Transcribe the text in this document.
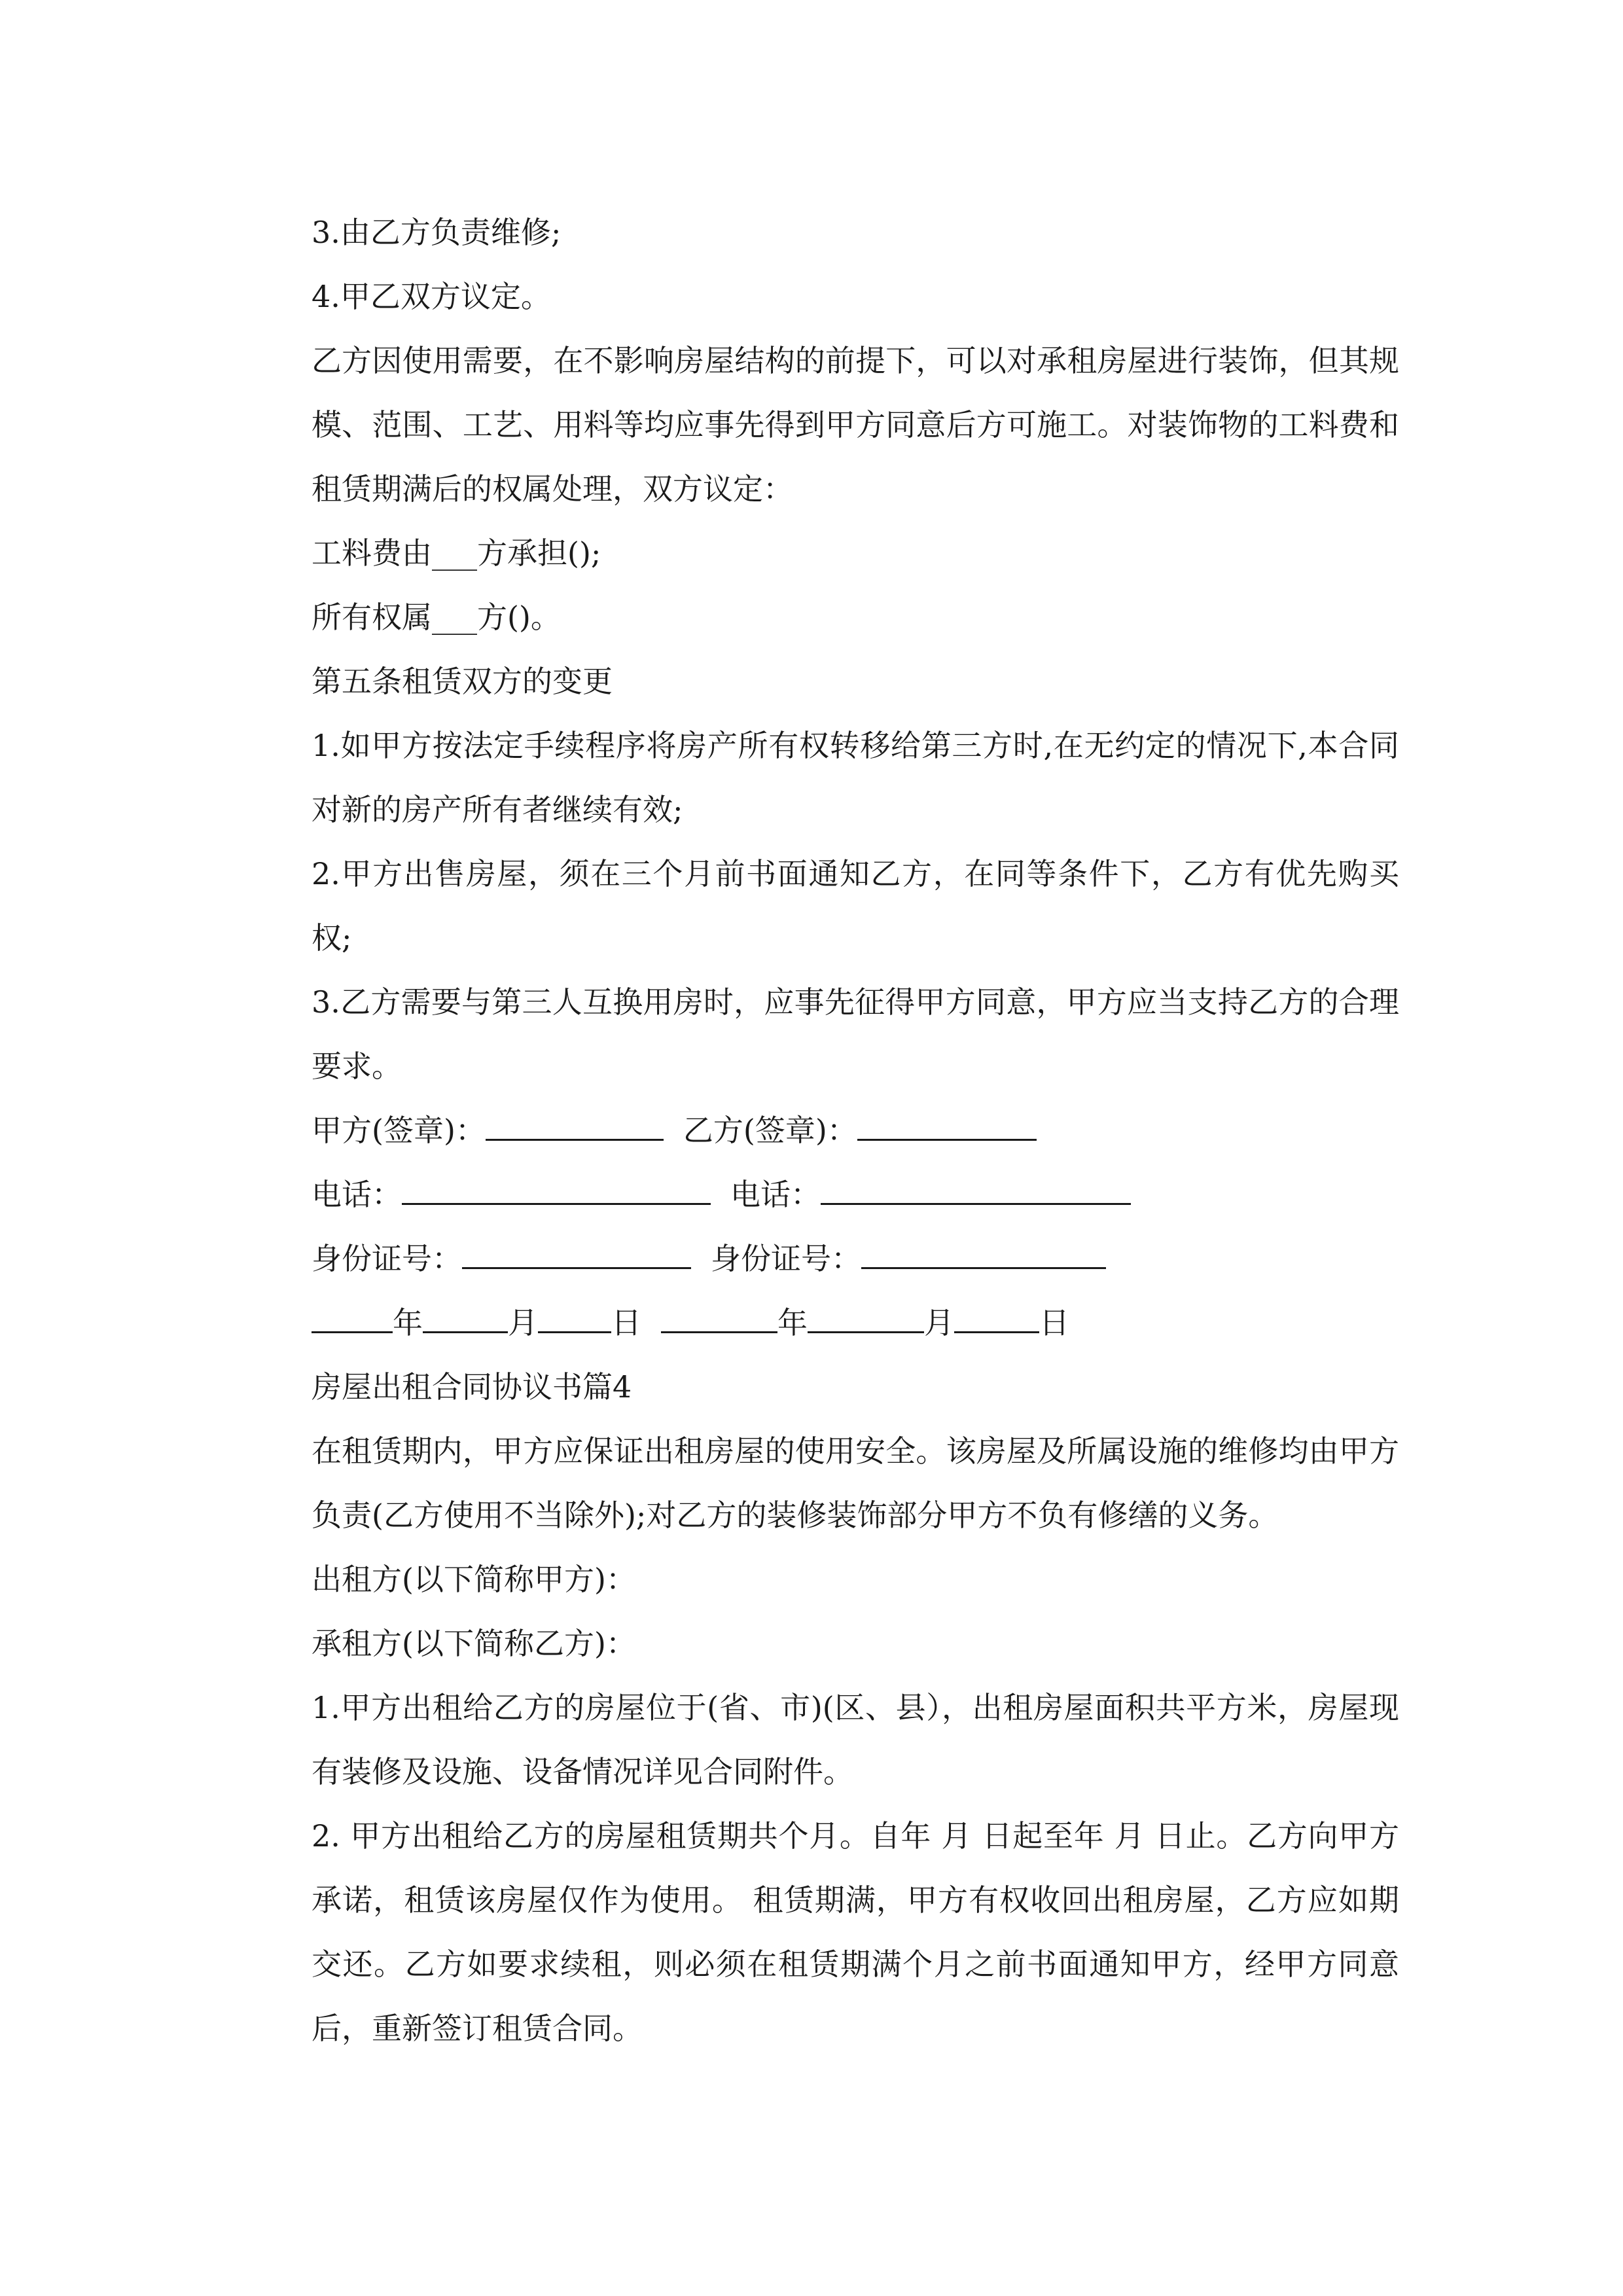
3.由乙方负责维修;

4.甲乙双方议定。

乙方因使用需要，在不影响房屋结构的前提下，可以对承租房屋进行装饰，但其规模、范围、工艺、用料等均应事先得到甲方同意后方可施工。对装饰物的工料费和租赁期满后的权属处理，双方议定：

工料费由___方承担();

所有权属___方()。

第五条租赁双方的变更

1.如甲方按法定手续程序将房产所有权转移给第三方时,在无约定的情况下,本合同对新的房产所有者继续有效;

2.甲方出售房屋，须在三个月前书面通知乙方，在同等条件下，乙方有优先购买权;

3.乙方需要与第三人互换用房时，应事先征得甲方同意，甲方应当支持乙方的合理要求。

甲方(签章)：	乙方(签章)：
电话：	电话：
身份证号：	身份证号：
年	月 日	年	月	日

房屋出租合同协议书篇4

在租赁期内，甲方应保证出租房屋的使用安全。该房屋及所属设施的维修均由甲方负责(乙方使用不当除外);对乙方的装修装饰部分甲方不负有修缮的义务。

出租方(以下简称甲方)：

承租方(以下简称乙方)：

1.甲方出租给乙方的房屋位于(省、市)(区、县），出租房屋面积共平方米，房屋现有装修及设施、设备情况详见合同附件。

2. 甲方出租给乙方的房屋租赁期共个月。自年 月 日起至年 月 日止。乙方向甲方承诺，租赁该房屋仅作为使用。 租赁期满，甲方有权收回出租房屋，乙方应如期交还。乙方如要求续租，则必须在租赁期满个月之前书面通知甲方，经甲方同意后，重新签订租赁合同。
